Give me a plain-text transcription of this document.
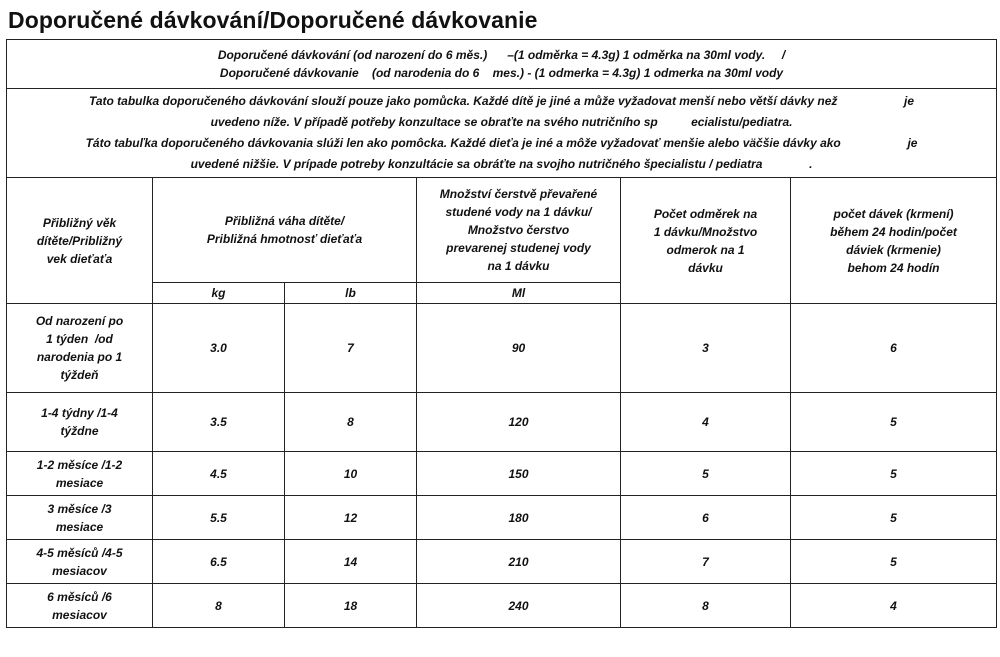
Doporučené dávkování/Doporučené dávkovanie
Doporučené dávkování (od narození do 6 měs.)      –(1 odměrka = 4.3g) 1 odměrka na 30ml vody.     /
Doporučené dávkovanie    (od narodenia do 6    mes.) - (1 odmerka = 4.3g) 1 odmerka na 30ml vody					

Tato tabulka doporučeného dávkování slouží pouze jako pomůcka. Každé dítě je jiné a může vyžadovat menší nebo větší dávky než                    je
uvedeno níže. V případě potřeby konzultace se obraťte na svého nutričního sp          ecialistu/pediatra.
Táto tabuľka doporučeného dávkovania slúži len ako pomôcka. Každé dieťa je iné a môže vyžadovať menšie alebo väčšie dávky ako                    je
uvedené nižšie. V prípade potreby konzultácie sa obráťte na svojho nutričného špecialistu / pediatra              .					

Přibližný věk
dítěte/Približný
vek dieťaťa	Přibližná váha dítěte/
Približná hmotnosť dieťaťa		Množství čerstvě převařené
studené vody na 1 dávku/
Množstvo čerstvo
prevarenej studenej vody
na 1 dávku	Počet odměrek na
1 dávku/Množstvo
odmerok na 1
dávku	počet dávek (krmení)
během 24 hodin/počet
dáviek (krmenie)
behom 24 hodín

	kg	lb	Ml		

Od narození po
1 týden  /od
narodenia po 1
týždeň	3.0	7	90	3	6

1-4 týdny /1-4
týždne	3.5	8	120	4	5

1-2 měsíce /1-2
mesiace	4.5	10	150	5	5

3 měsíce /3
mesiace	5.5	12	180	6	5

4-5 měsíců /4-5
mesiacov	6.5	14	210	7	5

6 měsíců /6
mesiacov	8	18	240	8	4
